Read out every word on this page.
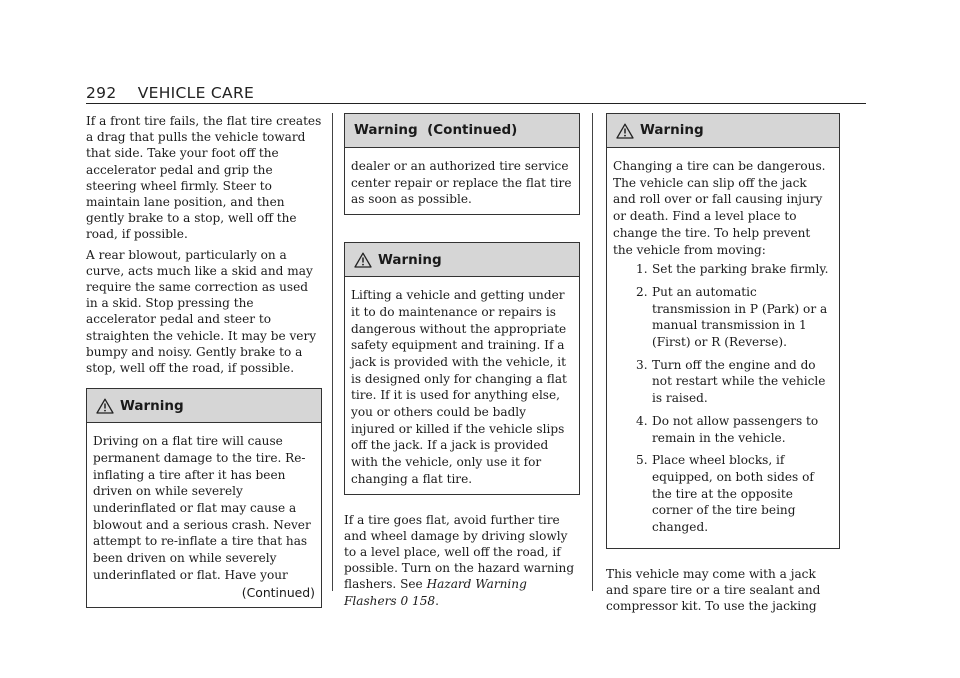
292 VEHICLE CARE

If a front tire fails, the flat tire creates a drag that pulls the vehicle toward that side. Take your foot off the accelerator pedal and grip the steering wheel firmly. Steer to maintain lane position, and then gently brake to a stop, well off the road, if possible.

A rear blowout, particularly on a curve, acts much like a skid and may require the same correction as used in a skid. Stop pressing the accelerator pedal and steer to straighten the vehicle. It may be very bumpy and noisy. Gently brake to a stop, well off the road, if possible.

Warning
Driving on a flat tire will cause permanent damage to the tire. Re-inflating a tire after it has been driven on while severely underinflated or flat may cause a blowout and a serious crash. Never attempt to re-inflate a tire that has been driven on while severely underinflated or flat. Have your
(Continued)
Warning  (Continued)
dealer or an authorized tire service center repair or replace the flat tire as soon as possible.
Warning
Lifting a vehicle and getting under it to do maintenance or repairs is dangerous without the appropriate safety equipment and training. If a jack is provided with the vehicle, it is designed only for changing a flat tire. If it is used for anything else, you or others could be badly injured or killed if the vehicle slips off the jack. If a jack is provided with the vehicle, only use it for changing a flat tire.

If a tire goes flat, avoid further tire and wheel damage by driving slowly to a level place, well off the road, if possible. Turn on the hazard warning flashers. See Hazard Warning Flashers 0 158.

Warning
Changing a tire can be dangerous. The vehicle can slip off the jack and roll over or fall causing injury or death. Find a level place to change the tire. To help prevent the vehicle from moving:
1. Set the parking brake firmly.
2. Put an automatic transmission in P (Park) or a manual transmission in 1 (First) or R (Reverse).
3. Turn off the engine and do not restart while the vehicle is raised.
4. Do not allow passengers to remain in the vehicle.
5. Place wheel blocks, if equipped, on both sides of the tire at the opposite corner of the tire being changed.

This vehicle may come with a jack and spare tire or a tire sealant and compressor kit. To use the jacking
